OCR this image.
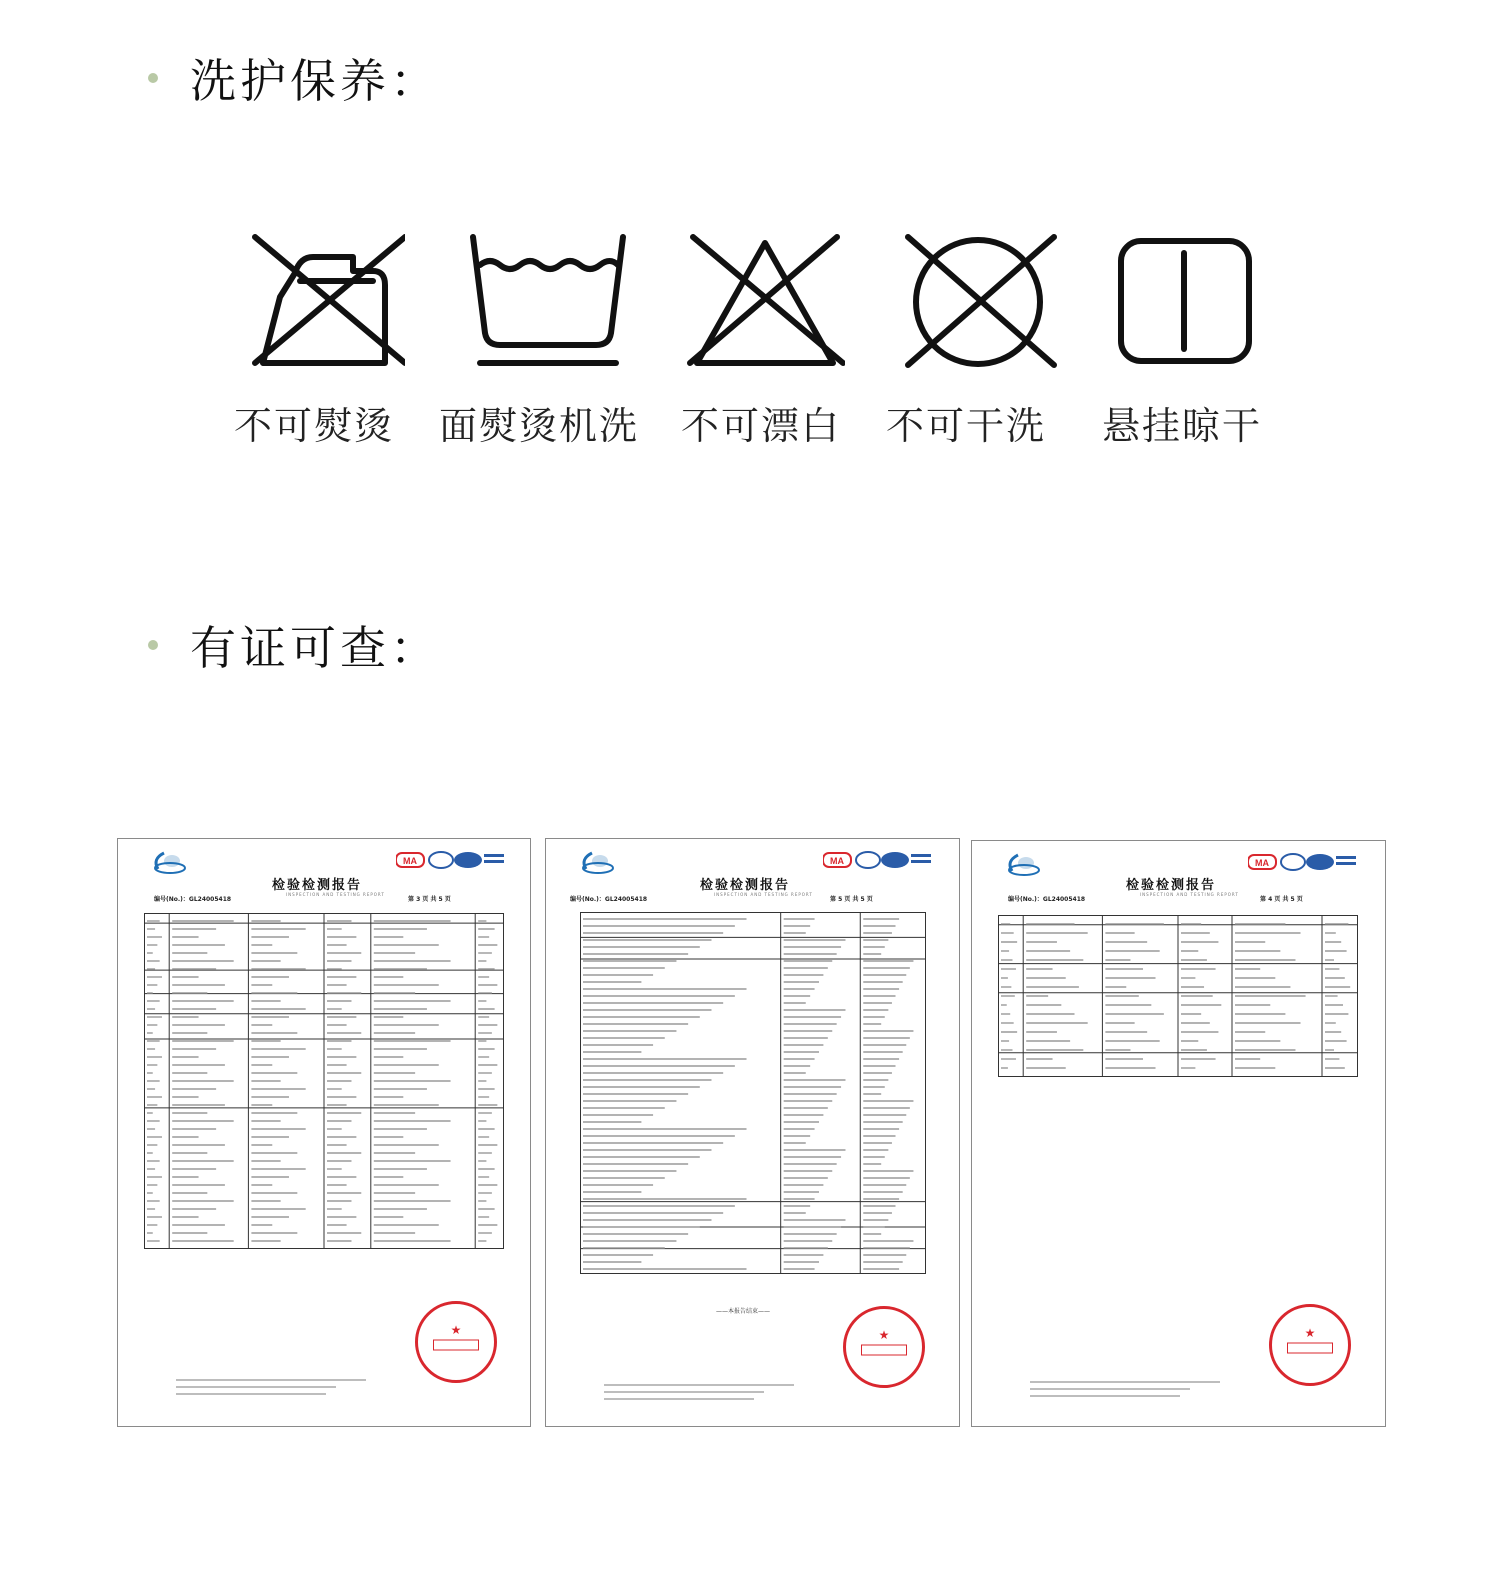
洗护保养：
不可熨烫 面熨烫机洗 不可漂白 不可干洗 悬挂晾干
有证可查：
MA
检验检测报告
INSPECTION AND TESTING REPORT
编号(No.)：GL24005418	第 3 页 共 5 页
★
MA
检验检测报告
INSPECTION AND TESTING REPORT
编号(No.)：GL24005418	第 5 页 共 5 页
——本报告结束——
★
MA
检验检测报告
INSPECTION AND TESTING REPORT
编号(No.)：GL24005418	第 4 页 共 5 页
★
